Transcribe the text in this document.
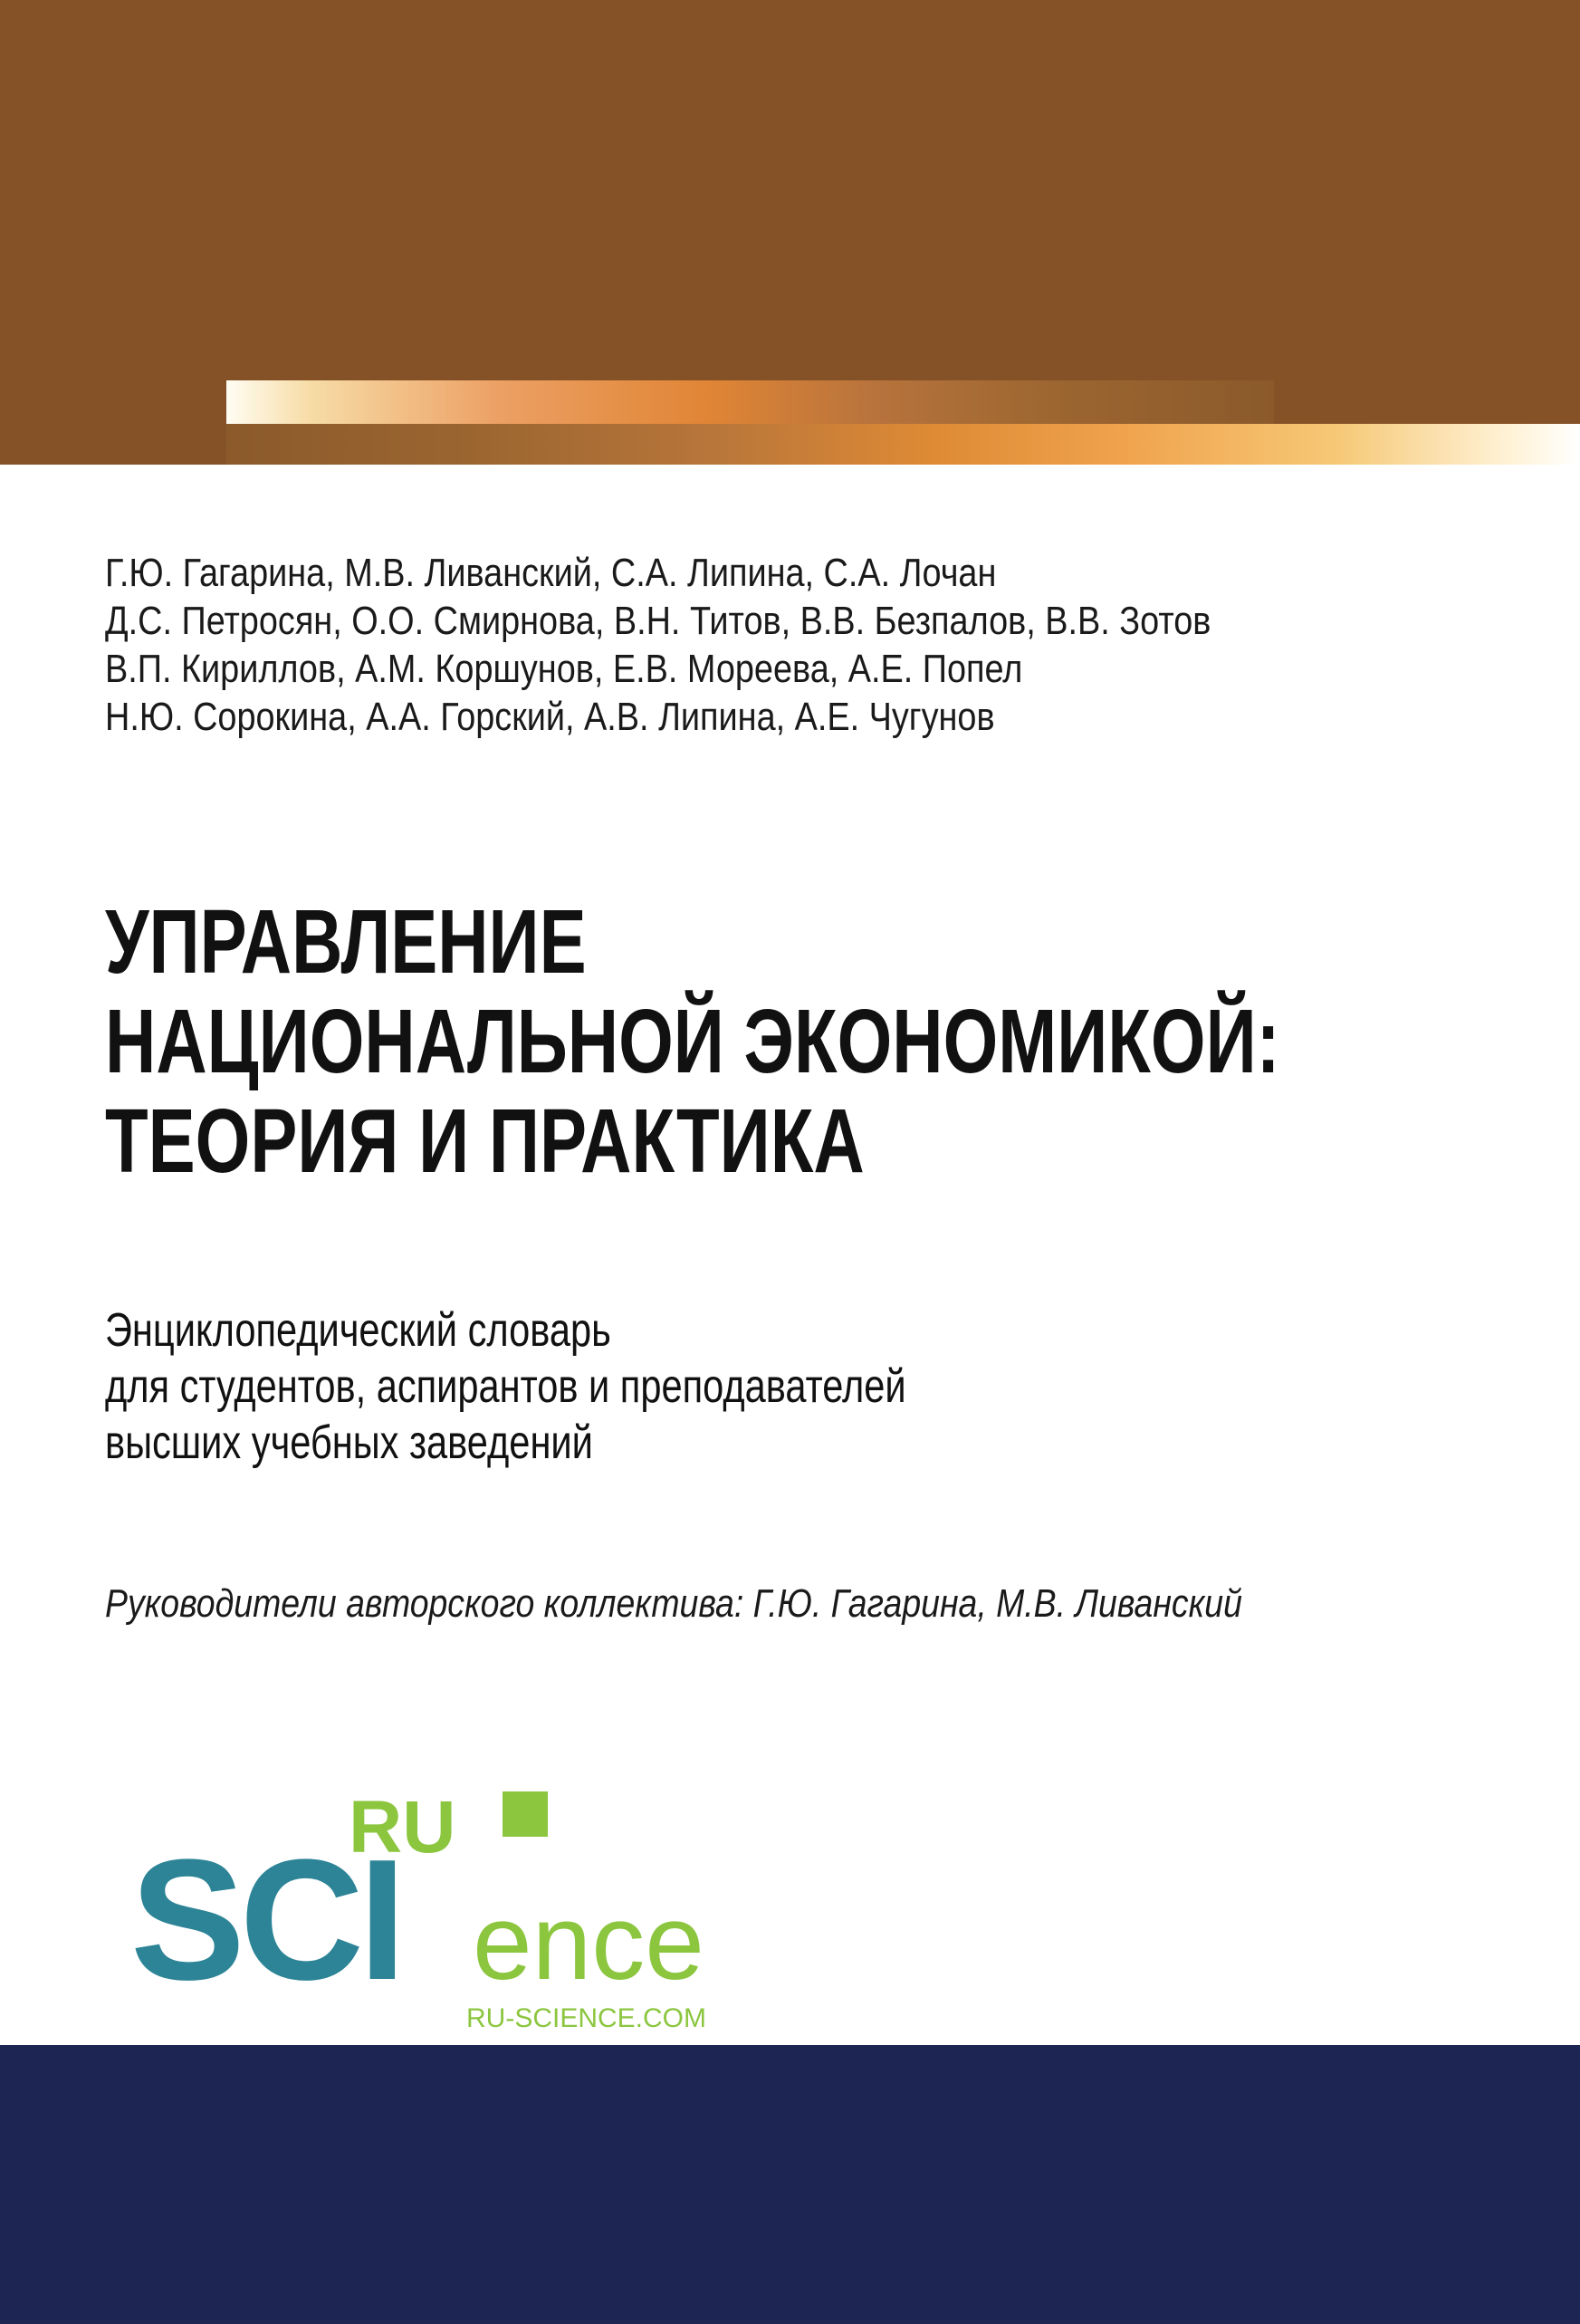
Г.Ю. Гагарина, М.В. Ливанский, С.А. Липина, С.А. Лочан
Д.С. Петросян, О.О. Смирнова, В.Н. Титов, В.В. Безпалов, В.В. Зотов
В.П. Кириллов, А.М. Коршунов, Е.В. Мореева, А.Е. Попел
Н.Ю. Сорокина, А.А. Горский, А.В. Липина, А.Е. Чугунов
УПРАВЛЕНИЕ
НАЦИОНАЛЬНОЙ ЭКОНОМИКОЙ:
ТЕОРИЯ И ПРАКТИКА
Энциклопедический словарь
для студентов, аспирантов и преподавателей
высших учебных заведений
Руководители авторского коллектива: Г.Ю. Гагарина, М.В. Ливанский
RU
SCI ence
RU-SCIENCE.COM
